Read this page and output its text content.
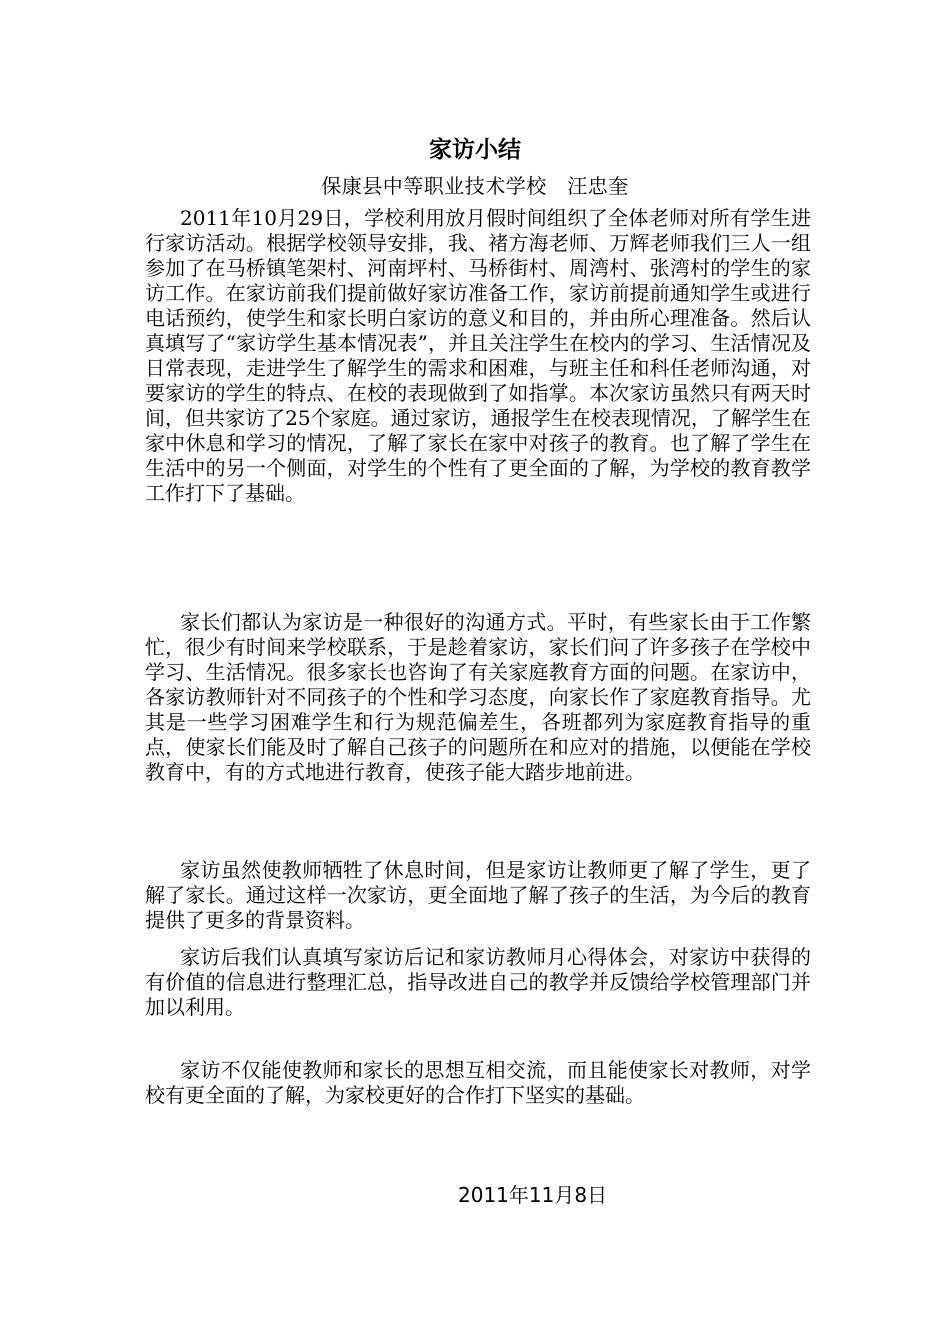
家访小结
保康县中等职业技术学校　汪忠奎
2011年10月29日，学校利用放月假时间组织了全体老师对所有学生进行家访活动。根据学校领导安排，我、褚方海老师、万辉老师我们三人一组参加了在马桥镇笔架村、河南坪村、马桥街村、周湾村、张湾村的学生的家访工作。在家访前我们提前做好家访准备工作，家访前提前通知学生或进行电话预约，使学生和家长明白家访的意义和目的，并由所心理准备。然后认真填写了“家访学生基本情况表”，并且关注学生在校内的学习、生活情况及日常表现，走进学生了解学生的需求和困难，与班主任和科任老师沟通，对要家访的学生的特点、在校的表现做到了如指掌。本次家访虽然只有两天时间，但共家访了25个家庭。通过家访，通报学生在校表现情况，了解学生在家中休息和学习的情况，了解了家长在家中对孩子的教育。也了解了学生在生活中的另一个侧面，对学生的个性有了更全面的了解，为学校的教育教学工作打下了基础。
家长们都认为家访是一种很好的沟通方式。平时，有些家长由于工作繁忙，很少有时间来学校联系，于是趁着家访，家长们问了许多孩子在学校中学习、生活情况。很多家长也咨询了有关家庭教育方面的问题。在家访中，各家访教师针对不同孩子的个性和学习态度，向家长作了家庭教育指导。尤其是一些学习困难学生和行为规范偏差生，各班都列为家庭教育指导的重点，使家长们能及时了解自己孩子的问题所在和应对的措施，以便能在学校教育中，有的方式地进行教育，使孩子能大踏步地前进。
家访虽然使教师牺牲了休息时间，但是家访让教师更了解了学生，更了解了家长。通过这样一次家访，更全面地了解了孩子的生活，为今后的教育提供了更多的背景资料。
家访后我们认真填写家访后记和家访教师月心得体会，对家访中获得的有价值的信息进行整理汇总，指导改进自己的教学并反馈给学校管理部门并加以利用。
家访不仅能使教师和家长的思想互相交流，而且能使家长对教师，对学校有更全面的了解，为家校更好的合作打下坚实的基础。
2011年11月8日
